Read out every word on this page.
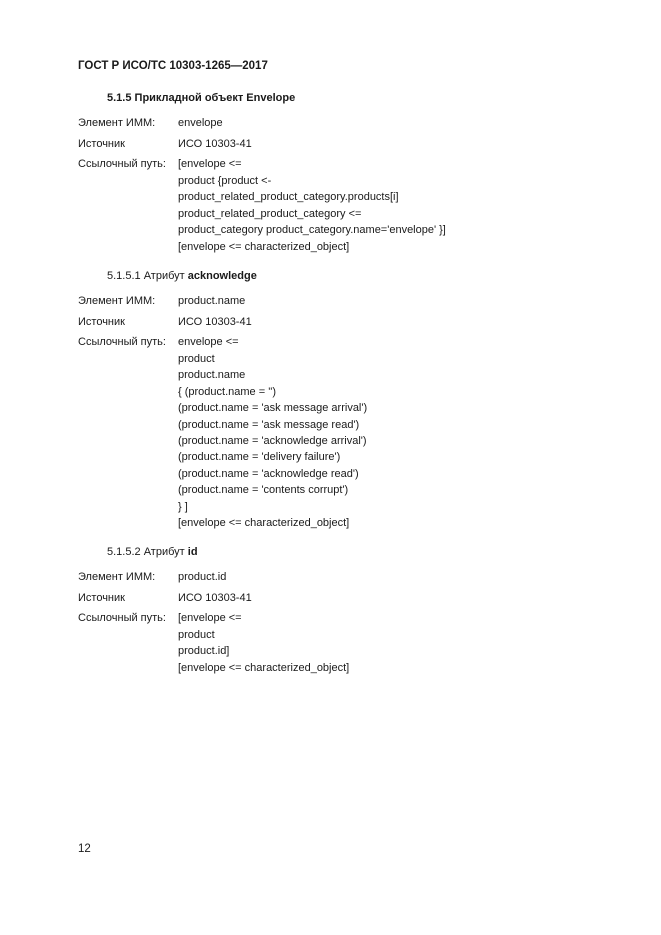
ГОСТ Р ИСО/ТС 10303-1265—2017
5.1.5 Прикладной объект Envelope
Элемент ИММ: envelope
Источник	ИСО 10303-41
Ссылочный путь: [envelope <=
product {product <-
product_related_product_category.products[i]
product_related_product_category <=
product_category product_category.name='envelope' }]
[envelope <= characterized_object]
5.1.5.1 Атрибут acknowledge
Элемент ИММ: product.name
Источник	ИСО 10303-41
Ссылочный путь: envelope <=
product
product.name
{ (product.name = '')
(product.name = 'ask message arrival')
(product.name = 'ask message read')
(product.name = 'acknowledge arrival')
(product.name = 'delivery failure')
(product.name = 'acknowledge read')
(product.name = 'contents corrupt')
} ]
[envelope <= characterized_object]
5.1.5.2 Атрибут id
Элемент ИММ: product.id
Источник	ИСО 10303-41
Ссылочный путь: [envelope <=
product
product.id]
[envelope <= characterized_object]
12
